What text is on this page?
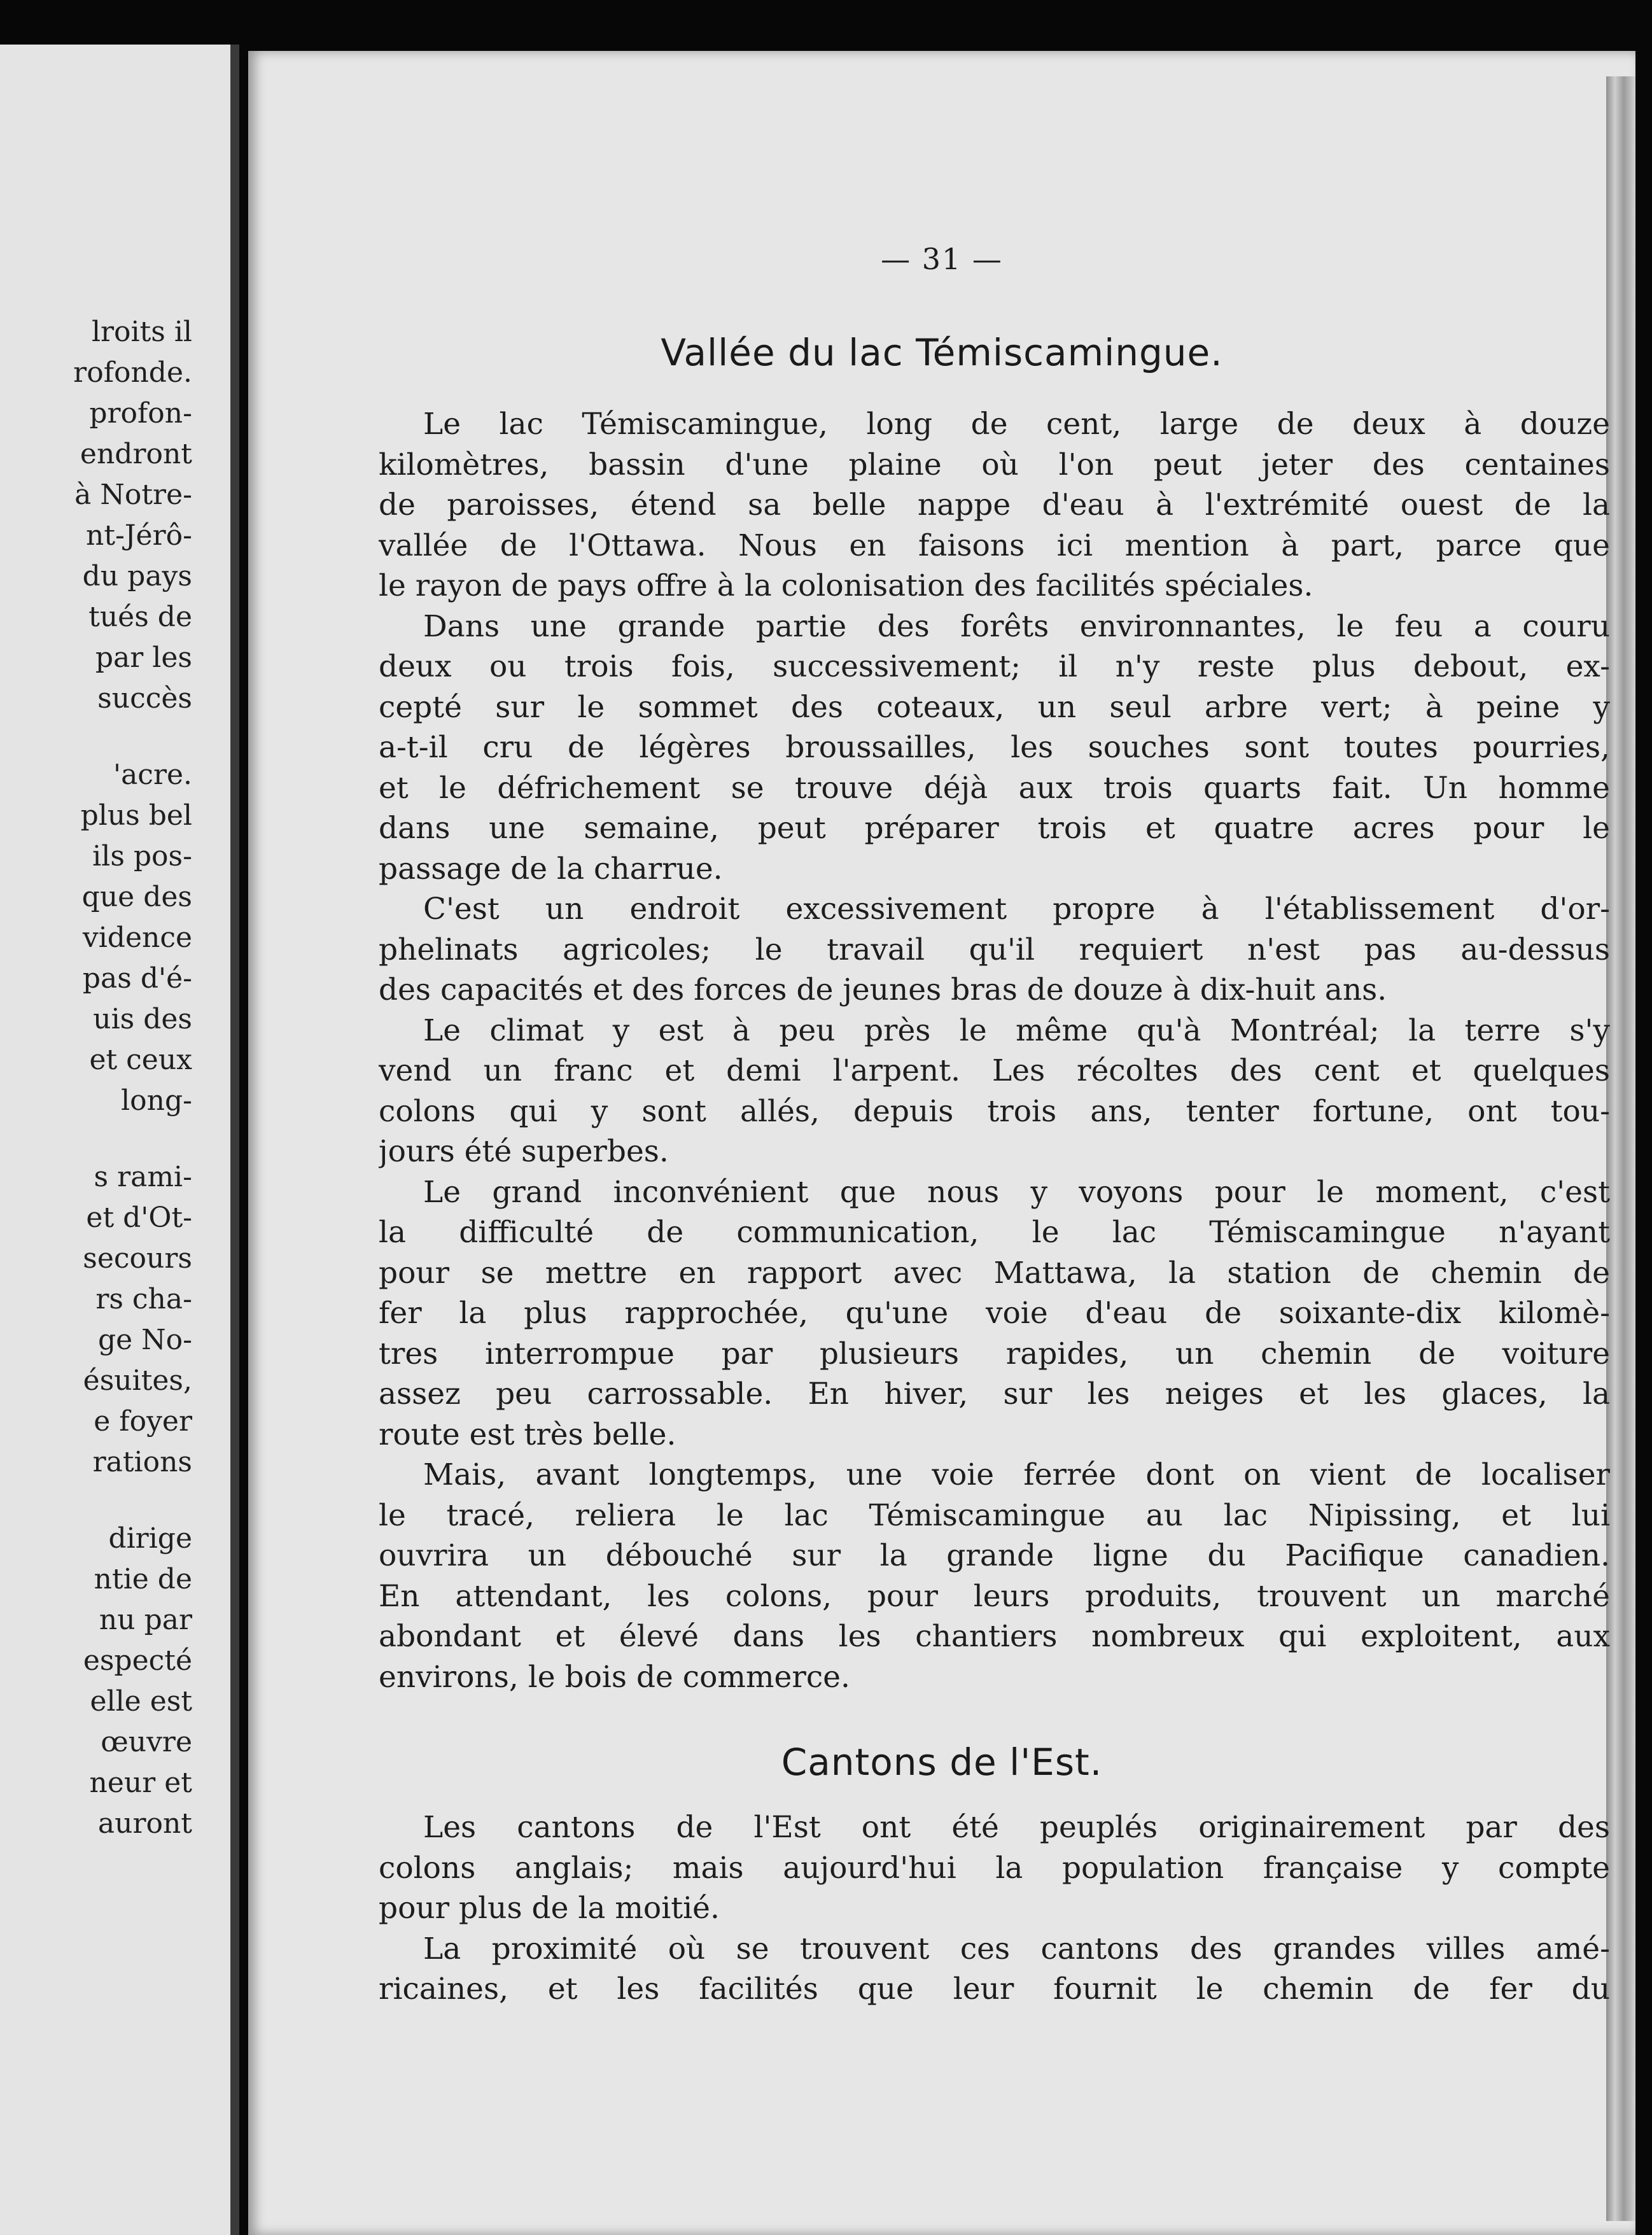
lroits il
rofonde.
profon-
endront
à Notre-
nt-Jérô-
du pays
tués de
par les
succès
'acre.
plus bel
ils pos-
que des
vidence
pas d'é-
uis des
et ceux
long-
s rami-
et d'Ot-
secours
rs cha-
ge No-
ésuites,
e foyer
rations
dirige
ntie de
nu par
especté
elle est
œuvre
neur et
auront
— 31 —
Vallée du lac Témiscamingue.
Le lac Témiscamingue, long de cent, large de deux à douze
kilomètres, bassin d'une plaine où l'on peut jeter des centaines
de paroisses, étend sa belle nappe d'eau à l'extrémité ouest de la
vallée de l'Ottawa. Nous en faisons ici mention à part, parce que
le rayon de pays offre à la colonisation des facilités spéciales.
Dans une grande partie des forêts environnantes, le feu a couru
deux ou trois fois, successivement; il n'y reste plus debout, ex-
cepté sur le sommet des coteaux, un seul arbre vert; à peine y
a-t-il cru de légères broussailles, les souches sont toutes pourries,
et le défrichement se trouve déjà aux trois quarts fait. Un homme
dans une semaine, peut préparer trois et quatre acres pour le
passage de la charrue.
C'est un endroit excessivement propre à l'établissement d'or-
phelinats agricoles; le travail qu'il requiert n'est pas au-dessus
des capacités et des forces de jeunes bras de douze à dix-huit ans.
Le climat y est à peu près le même qu'à Montréal; la terre s'y
vend un franc et demi l'arpent. Les récoltes des cent et quelques
colons qui y sont allés, depuis trois ans, tenter fortune, ont tou-
jours été superbes.
Le grand inconvénient que nous y voyons pour le moment, c'est
la difficulté de communication, le lac Témiscamingue n'ayant
pour se mettre en rapport avec Mattawa, la station de chemin de
fer la plus rapprochée, qu'une voie d'eau de soixante-dix kilomè-
tres interrompue par plusieurs rapides, un chemin de voiture
assez peu carrossable. En hiver, sur les neiges et les glaces, la
route est très belle.
Mais, avant longtemps, une voie ferrée dont on vient de localiser
le tracé, reliera le lac Témiscamingue au lac Nipissing, et lui
ouvrira un débouché sur la grande ligne du Pacifique canadien.
En attendant, les colons, pour leurs produits, trouvent un marché
abondant et élevé dans les chantiers nombreux qui exploitent, aux
environs, le bois de commerce.
Cantons de l'Est.
Les cantons de l'Est ont été peuplés originairement par des
colons anglais; mais aujourd'hui la population française y compte
pour plus de la moitié.
La proximité où se trouvent ces cantons des grandes villes amé-
ricaines, et les facilités que leur fournit le chemin de fer du
